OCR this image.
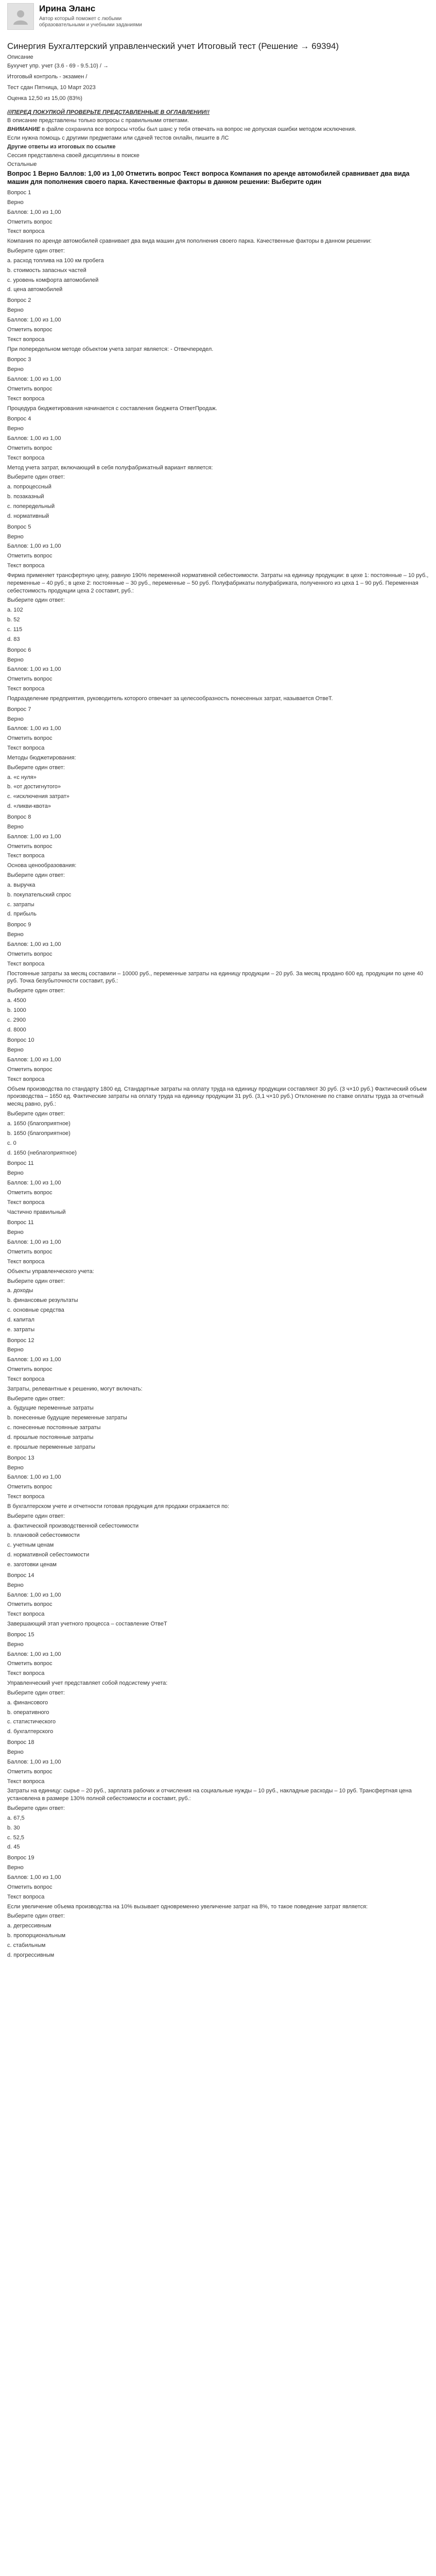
Ирина Эланс
Автор который поможет с любыми образовательными и учебными заданиями
Синергия Бухгалтерский управленческий учет Итоговый тест (Решение → 69394)
Описание
Бухучет упр. учет (3.6 - 69 - 9.5.10) / →
Итоговый контроль - экзамен /
Тест сдан Пятница, 10 Март 2023
Оценка 12,50 из 15,00 (83%)
///ПЕРЕД ПОКУПКОЙ ПРОВЕРЬТЕ ПРЕДСТАВЛЕННЫЕ В ОГЛАВЛЕНИИ!!
В описание представлены только вопросы с правильными ответами.
ВНИМАНИЕ в файле сохранила все вопросы чтобы был шанс у тебя отвечать на вопрос не допуская ошибки методом исключения.
Если нужна помощь с другими предметами или сдачей тестов онлайн, пишите в ЛС
Другие ответы из итоговых по ссылке
Сессия представлена своей дисциплины в поиске
Остальные
Вопрос 1 Верно Баллов: 1,00 из 1,00 Отметить вопрос Текст вопроса Компания по аренде автомобилей сравнивает два вида машин для пополнения своего парка. Качественные факторы в данном решении: Выберите один
Вопрос 1
Верно
Баллов: 1,00 из 1,00
Отметить вопрос
Текст вопроса
Компания по аренде автомобилей сравнивает два вида машин для пополнения своего парка. Качественные факторы в данном решении:
Выберите один ответ:
a. расход топлива на 100 км пробега
b. стоимость запасных частей
c. уровень комфорта автомобилей
d. цена автомобилей
Вопрос 2
Верно
Баллов: 1,00 из 1,00
Отметить вопрос
Текст вопроса
При попередельном методе объектом учета затрат является: - Отвечпередел.
Вопрос 3
Верно
Баллов: 1,00 из 1,00
Отметить вопрос
Текст вопроса
Процедура бюджетирования начинается с составления бюджета ОтветПродаж.
Вопрос 4
Верно
Баллов: 1,00 из 1,00
Отметить вопрос
Текст вопроса
Метод учета затрат, включающий в себя полуфабрикатный вариант является:
Выберите один ответ:
a. попроцессный
b. позаказный
c. попередельный
d. нормативный
Вопрос 5
Верно
Баллов: 1,00 из 1,00
Отметить вопрос
Текст вопроса
Фирма применяет трансфертную цену, равную 190% переменной нормативной себестоимости. Затраты на единицу продукции: в цехе 1: постоянные – 10 руб., переменные – 40 руб.; в цехе 2: постоянные – 30 руб., переменные – 50 руб. Полуфабрикаты полуфабриката, полученного из цеха 1 – 90 руб. Переменная себестоимость продукции цеха 2 составит, руб.:
Выберите один ответ:
a. 102
b. 52
c. 115
d. 83
Вопрос 6
Верно
Баллов: 1,00 из 1,00
Отметить вопрос
Текст вопроса
Подразделение предприятия, руководитель которого отвечает за целесообразность понесенных затрат, называется ОтвеТ.
Вопрос 7
Верно
Баллов: 1,00 из 1,00
Отметить вопрос
Текст вопроса
Методы бюджетирования:
Выберите один ответ:
a. «с нуля»
b. «от достигнутого»
c. «исключения затрат»
d. «ликви-квота»
Вопрос 8
Верно
Баллов: 1,00 из 1,00
Отметить вопрос
Текст вопроса
Основа ценообразования:
Выберите один ответ:
a. выручка
b. покупательский спрос
c. затраты
d. прибыль
Вопрос 9
Верно
Баллов: 1,00 из 1,00
Отметить вопрос
Текст вопроса
Постоянные затраты за месяц составили – 10000 руб., переменные затраты на единицу продукции – 20 руб. За месяц продано 600 ед. продукции по цене 40 руб. Точка безубыточности составит, руб.:
Выберите один ответ:
a. 4500
b. 1000
c. 2900
d. 8000
Вопрос 10
Верно
Баллов: 1,00 из 1,00
Отметить вопрос
Текст вопроса
Объем производства по стандарту 1800 ед. Стандартные затраты на оплату труда на единицу продукции составляют 30 руб. (3 ч×10 руб.) Фактический объем производства – 1650 ед. Фактические затраты на оплату труда на единицу продукции 31 руб. (3,1 ч×10 руб.) Отклонение по ставке оплаты труда за отчетный месяц равно, руб.:
Выберите один ответ:
a. 1650 (благоприятное)
b. 1650 (благоприятное)
c. 0
d. 1650 (неблагоприятное)
Вопрос 11
Верно
Баллов: 1,00 из 1,00
Отметить вопрос
Текст вопроса
Частично правильный
Вопрос 11
Верно
Баллов: 1,00 из 1,00
Отметить вопрос
Текст вопроса
Объекты управленческого учета:
Выберите один ответ:
a. доходы
b. финансовые результаты
c. основные средства
d. капитал
e. затраты
Вопрос 12
Верно
Баллов: 1,00 из 1,00
Отметить вопрос
Текст вопроса
Затраты, релевантные к решению, могут включать:
Выберите один ответ:
a. будущие переменные затраты
b. понесенные будущие переменные затраты
c. понесенные постоянные затраты
d. прошлые постоянные затраты
e. прошлые переменные затраты
Вопрос 13
Верно
Баллов: 1,00 из 1,00
Отметить вопрос
Текст вопроса
В бухгалтерском учете и отчетности готовая продукция для продажи отражается по:
Выберите один ответ:
a. фактической производственной себестоимости
b. плановой себестоимости
c. учетным ценам
d. нормативной себестоимости
e. заготовки ценам
Вопрос 14
Верно
Баллов: 1,00 из 1,00
Отметить вопрос
Текст вопроса
Завершающий этап учетного процесса – составление ОтвеТ
Вопрос 15
Верно
Баллов: 1,00 из 1,00
Отметить вопрос
Текст вопроса
Управленческий учет представляет собой подсистему учета:
Выберите один ответ:
a. финансового
b. оперативного
c. статистического
d. бухгалтерского
Вопрос 18
Верно
Баллов: 1,00 из 1,00
Отметить вопрос
Текст вопроса
Затраты на единицу: сырье – 20 руб., зарплата рабочих и отчисления на социальные нужды – 10 руб., накладные расходы – 10 руб. Трансфертная цена установлена в размере 130% полной себестоимости и составит, руб.:
Выберите один ответ:
a. 67,5
b. 30
c. 52,5
d. 45
Вопрос 19
Верно
Баллов: 1,00 из 1,00
Отметить вопрос
Текст вопроса
Если увеличение объема производства на 10% вызывает одновременно увеличение затрат на 8%, то такое поведение затрат является:
Выберите один ответ:
a. дегрессивным
b. пропорциональным
c. стабильным
d. прогрессивным
